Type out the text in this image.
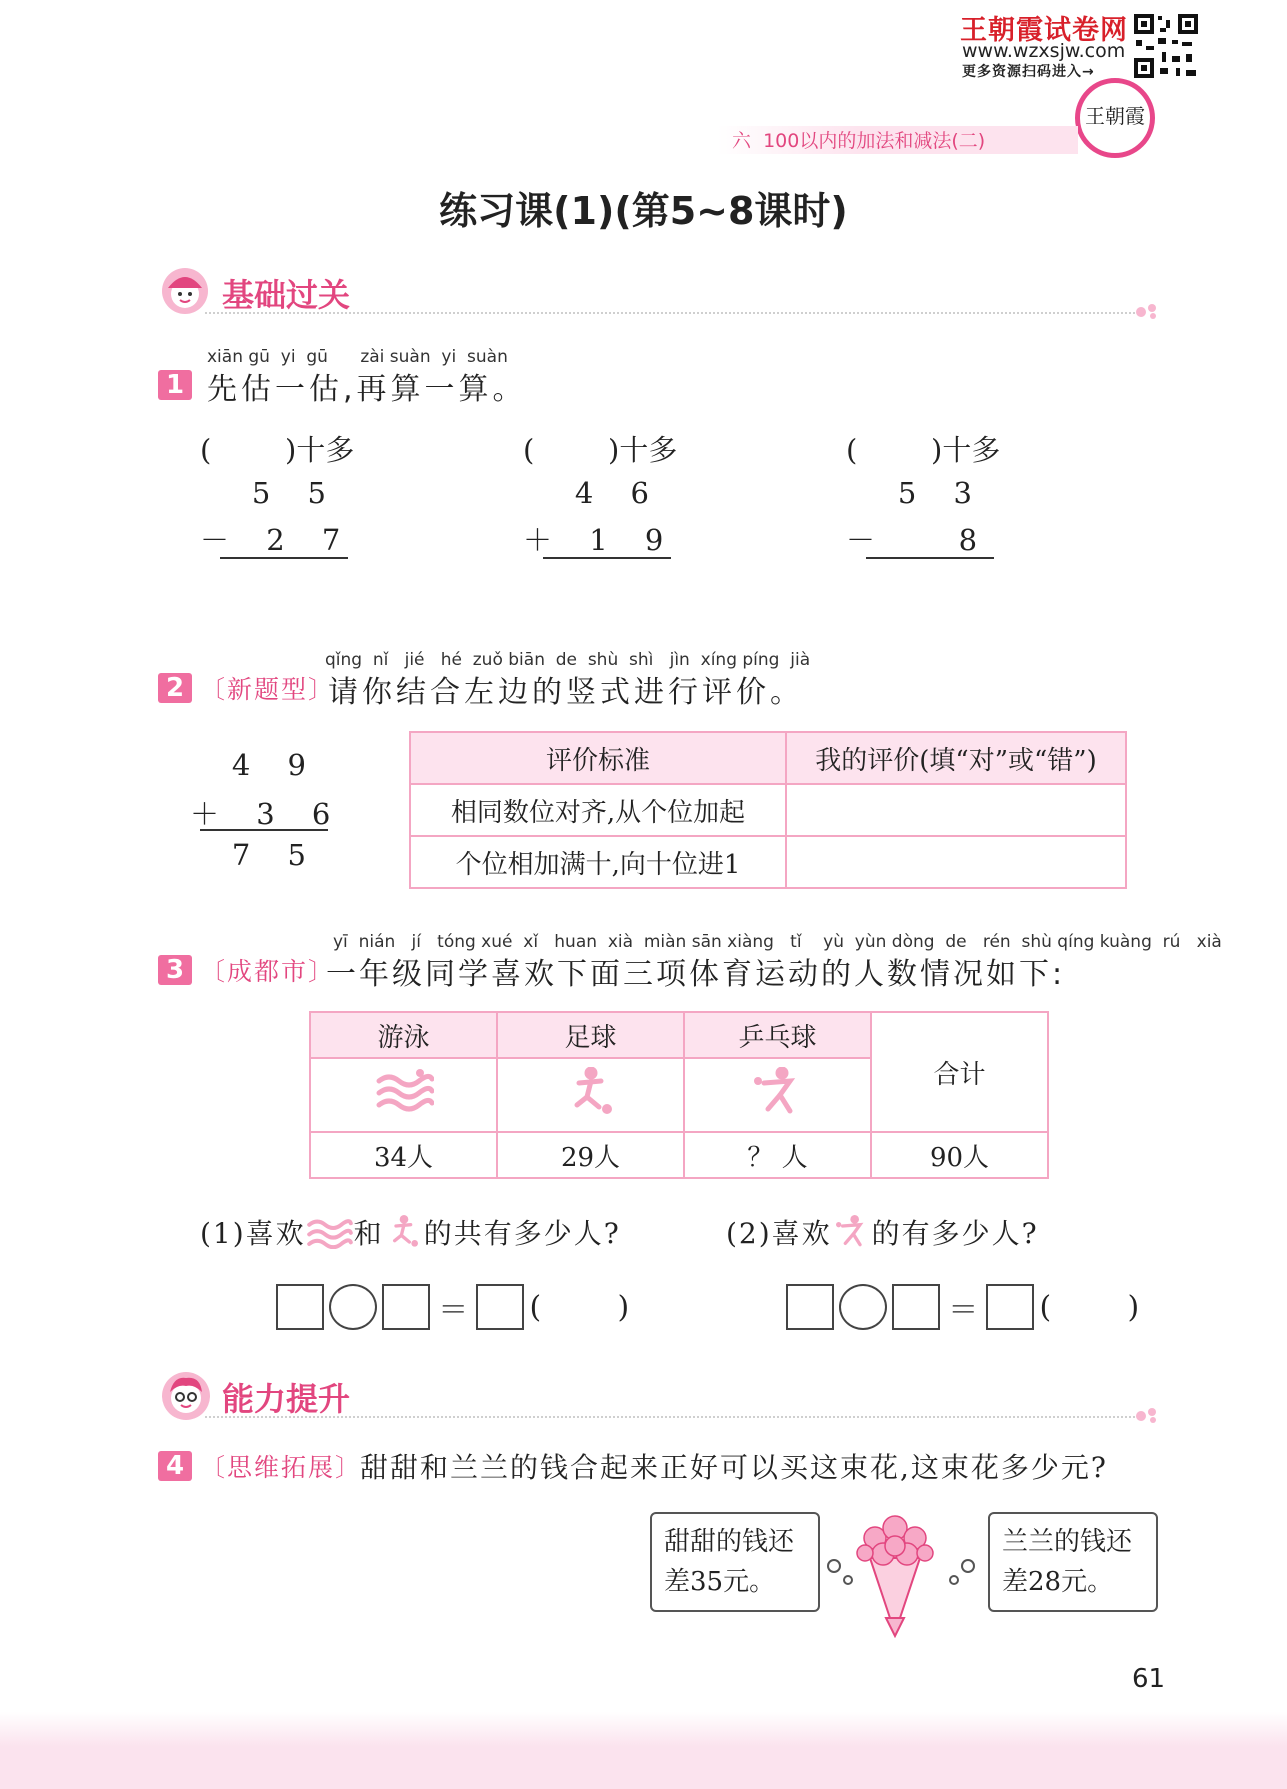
王朝霞试卷网
www.wzxsjw.com
更多资源扫码进入→
王朝霞
六  100以内的加法和减法(二)
练习课(1)(第5~8课时)
基础过关
xiān gū  yi  gū      zài suàn  yi  suàn
1 先估一估,再算一算。
(        )十多
5 5
－ 2 7
(        )十多
4 6
＋ 1 9
(        )十多
5 3
－   8
qǐng  nǐ   jié   hé  zuǒ biān  de  shù  shì   jìn  xíng píng  jià
2 〔新题型〕
请你结合左边的竖式进行评价。
4 9
＋ 3 6
7 5
评价标准	我的评价(填“对”或“错”)
相同数位对齐,从个位加起	
个位相加满十,向十位进1	
yī  nián   jí   tóng xué  xǐ   huan  xià  miàn sān xiàng   tǐ    yù  yùn dòng  de   rén  shù qíng kuàng  rú   xià
3 〔成都市〕
一年级同学喜欢下面三项体育运动的人数情况如下:
游泳	足球	乒乓球	合计

34人	29人	？ 人	90人
(1)喜欢 和 的共有多少人?	(2)喜欢 的有多少人?
＝ (        )	＝ (        )
能力提升
4 〔思维拓展〕
甜甜和兰兰的钱合起来正好可以买这束花,这束花多少元?
甜甜的钱还
差35元。
兰兰的钱还
差28元。
61
